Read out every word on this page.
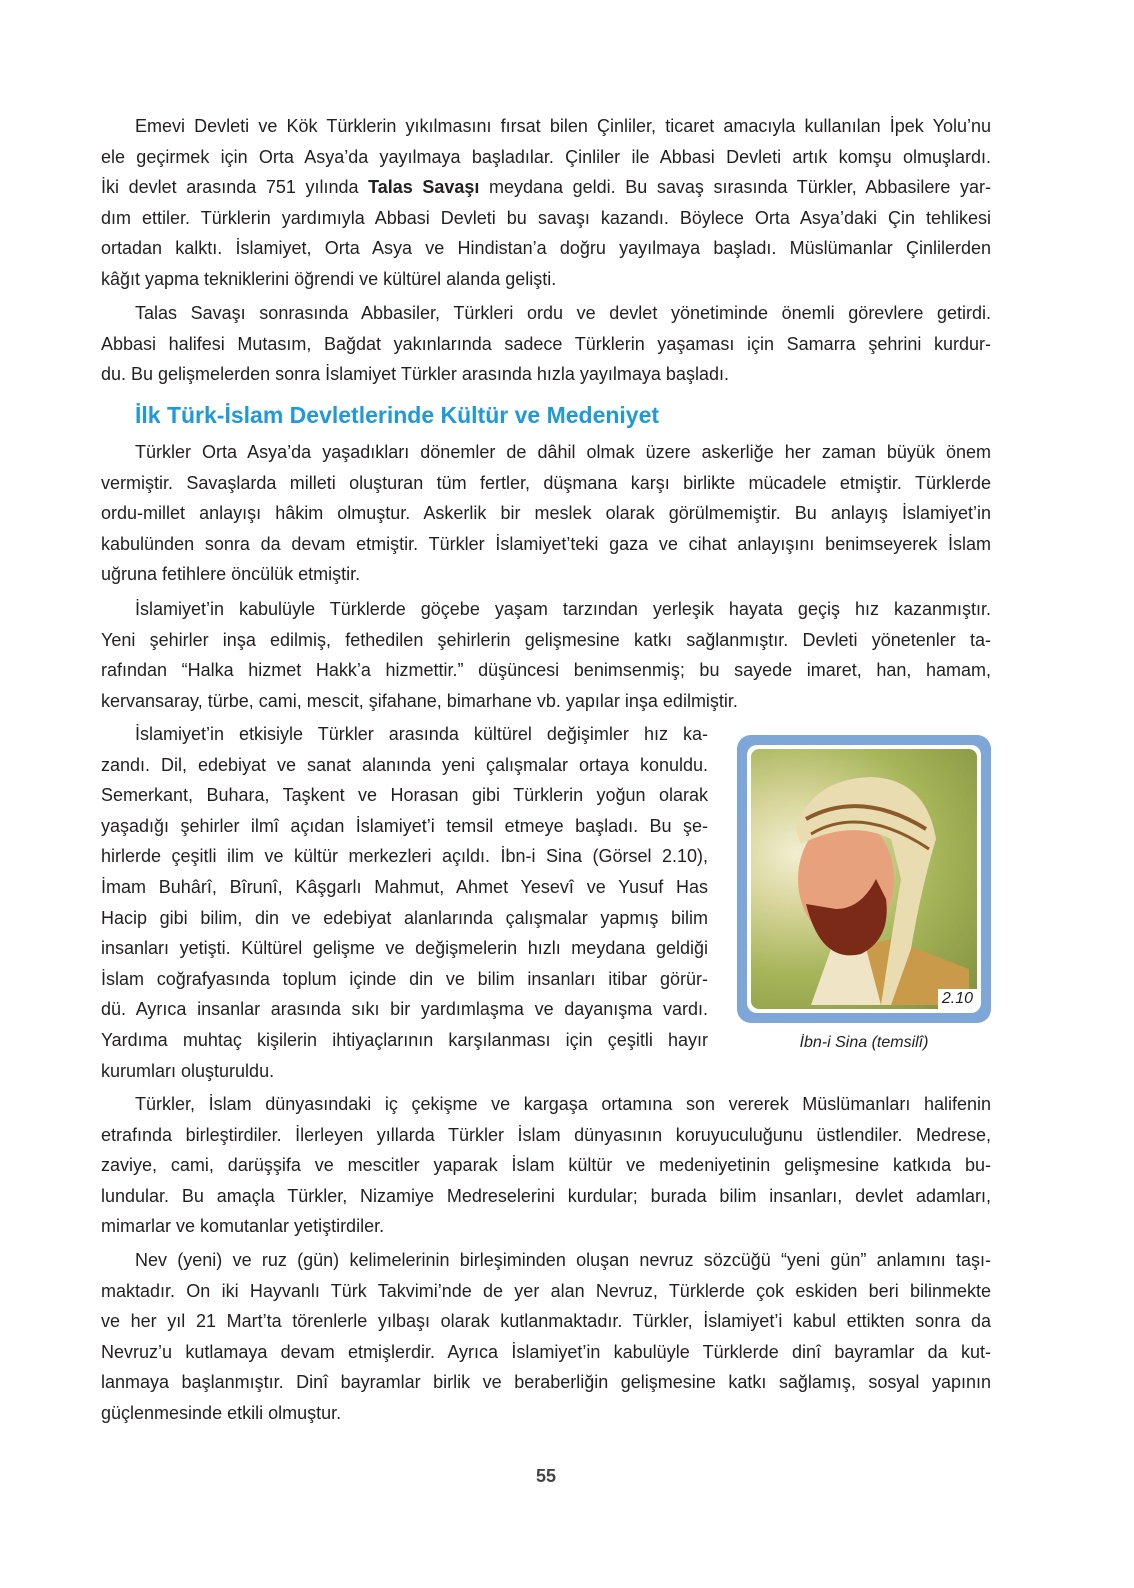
Emevi Devleti ve Kök Türklerin yıkılmasını fırsat bilen Çinliler, ticaret amacıyla kullanılan İpek Yolu’nu
ele geçirmek için Orta Asya’da yayılmaya başladılar. Çinliler ile Abbasi Devleti artık komşu olmuşlardı.
İki devlet arasında 751 yılında Talas Savaşı meydana geldi. Bu savaş sırasında Türkler, Abbasilere yar-
dım ettiler. Türklerin yardımıyla Abbasi Devleti bu savaşı kazandı. Böylece Orta Asya’daki Çin tehlikesi
ortadan kalktı. İslamiyet, Orta Asya ve Hindistan’a doğru yayılmaya başladı. Müslümanlar Çinlilerden
kâğıt yapma tekniklerini öğrendi ve kültürel alanda gelişti.
Talas Savaşı sonrasında Abbasiler, Türkleri ordu ve devlet yönetiminde önemli görevlere getirdi.
Abbasi halifesi Mutasım, Bağdat yakınlarında sadece Türklerin yaşaması için Samarra şehrini kurdur-
du. Bu gelişmelerden sonra İslamiyet Türkler arasında hızla yayılmaya başladı.
İlk Türk-İslam Devletlerinde Kültür ve Medeniyet
Türkler Orta Asya’da yaşadıkları dönemler de dâhil olmak üzere askerliğe her zaman büyük önem
vermiştir. Savaşlarda milleti oluşturan tüm fertler, düşmana karşı birlikte mücadele etmiştir. Türklerde
ordu-millet anlayışı hâkim olmuştur. Askerlik bir meslek olarak görülmemiştir. Bu anlayış İslamiyet’in
kabulünden sonra da devam etmiştir. Türkler İslamiyet’teki gaza ve cihat anlayışını benimseyerek İslam
uğruna fetihlere öncülük etmiştir.
İslamiyet’in kabulüyle Türklerde göçebe yaşam tarzından yerleşik hayata geçiş hız kazanmıştır.
Yeni şehirler inşa edilmiş, fethedilen şehirlerin gelişmesine katkı sağlanmıştır. Devleti yönetenler ta-
rafından “Halka hizmet Hakk’a hizmettir.” düşüncesi benimsenmiş; bu sayede imaret, han, hamam,
kervansaray, türbe, cami, mescit, şifahane, bimarhane vb. yapılar inşa edilmiştir.
İslamiyet’in etkisiyle Türkler arasında kültürel değişimler hız ka-
zandı. Dil, edebiyat ve sanat alanında yeni çalışmalar ortaya konuldu.
Semerkant, Buhara, Taşkent ve Horasan gibi Türklerin yoğun olarak
yaşadığı şehirler ilmî açıdan İslamiyet’i temsil etmeye başladı. Bu şe-
hirlerde çeşitli ilim ve kültür merkezleri açıldı. İbn-i Sina (Görsel 2.10),
İmam Buhârî, Bîrunî, Kâşgarlı Mahmut, Ahmet Yesevî ve Yusuf Has
Hacip gibi bilim, din ve edebiyat alanlarında çalışmalar yapmış bilim
insanları yetişti. Kültürel gelişme ve değişmelerin hızlı meydana geldiği
İslam coğrafyasında toplum içinde din ve bilim insanları itibar görür-
dü. Ayrıca insanlar arasında sıkı bir yardımlaşma ve dayanışma vardı.
Yardıma muhtaç kişilerin ihtiyaçlarının karşılanması için çeşitli hayır
kurumları oluşturuldu.
Türkler, İslam dünyasındaki iç çekişme ve kargaşa ortamına son vererek Müslümanları halifenin
etrafında birleştirdiler. İlerleyen yıllarda Türkler İslam dünyasının koruyuculuğunu üstlendiler. Medrese,
zaviye, cami, darüşşifa ve mescitler yaparak İslam kültür ve medeniyetinin gelişmesine katkıda bu-
lundular. Bu amaçla Türkler, Nizamiye Medreselerini kurdular; burada bilim insanları, devlet adamları,
mimarlar ve komutanlar yetiştirdiler.
Nev (yeni) ve ruz (gün) kelimelerinin birleşiminden oluşan nevruz sözcüğü “yeni gün” anlamını taşı-
maktadır. On iki Hayvanlı Türk Takvimi’nde de yer alan Nevruz, Türklerde çok eskiden beri bilinmekte
ve her yıl 21 Mart’ta törenlerle yılbaşı olarak kutlanmaktadır. Türkler, İslamiyet’i kabul ettikten sonra da
Nevruz’u kutlamaya devam etmişlerdir. Ayrıca İslamiyet’in kabulüyle Türklerde dinî bayramlar da kut-
lanmaya başlanmıştır. Dinî bayramlar birlik ve beraberliğin gelişmesine katkı sağlamış, sosyal yapının
güçlenmesinde etkili olmuştur.
2.10
İbn-i Sina (temsilî)
55
